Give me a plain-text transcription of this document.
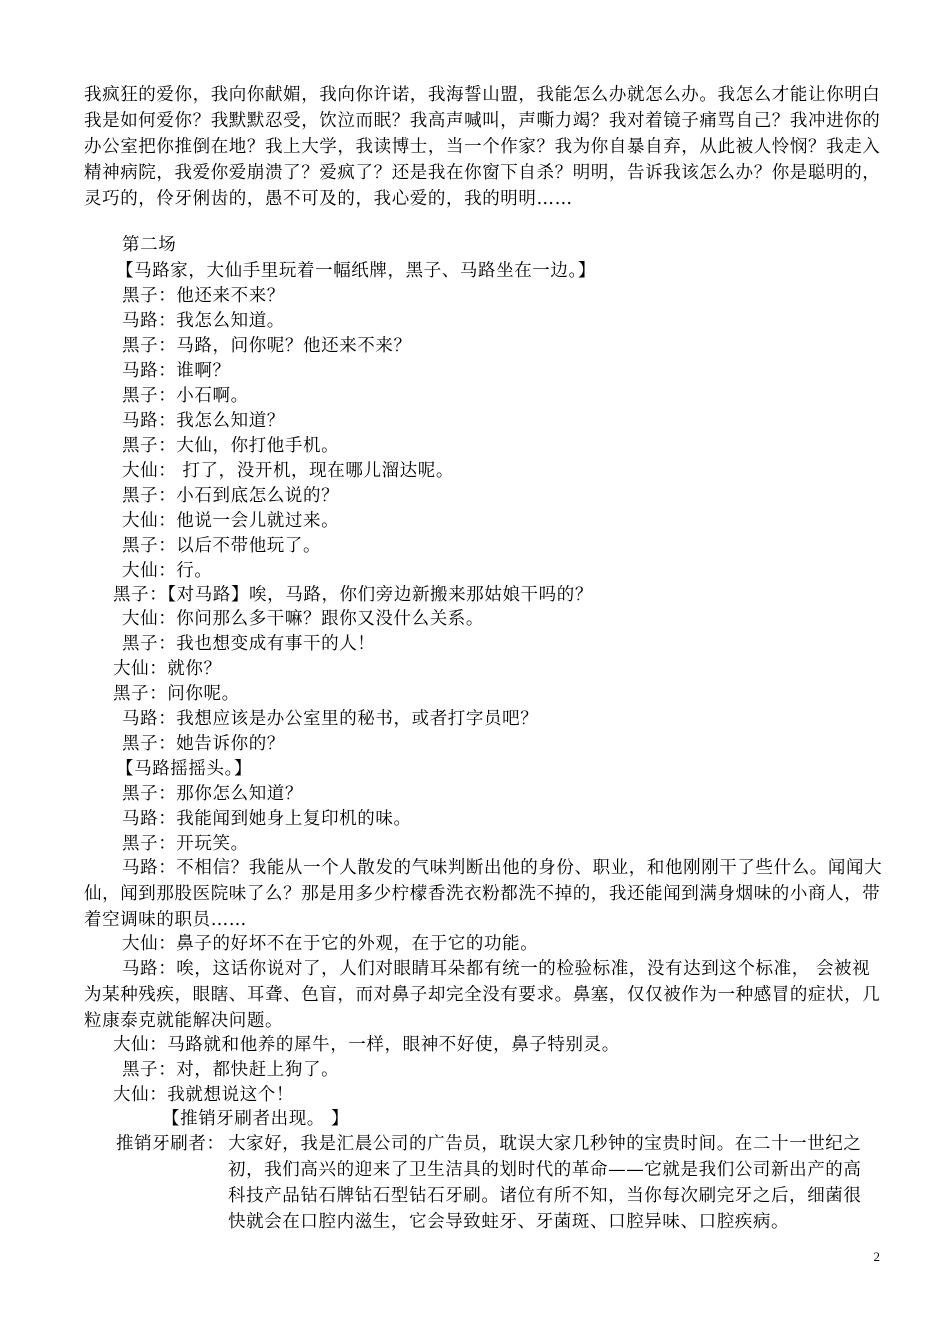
我疯狂的爱你，我向你献媚，我向你许诺，我海誓山盟，我能怎么办就怎么办。我怎么才能让你明白我是如何爱你？我默默忍受，饮泣而眠？我高声喊叫，声嘶力竭？我对着镜子痛骂自己？我冲进你的办公室把你推倒在地？我上大学，我读博士，当一个作家？我为你自暴自弃，从此被人怜悯？我走入精神病院，我爱你爱崩溃了？爱疯了？还是我在你窗下自杀？明明，告诉我该怎么办？你是聪明的，灵巧的，伶牙俐齿的，愚不可及的，我心爱的，我的明明……

第二场

【马路家，大仙手里玩着一幅纸牌，黑子、马路坐在一边。】

黑子：他还来不来？

马路：我怎么知道。

黑子：马路，问你呢？他还来不来？

马路：谁啊？

黑子：小石啊。

马路：我怎么知道？

黑子：大仙，你打他手机。

大仙： 打了，没开机，现在哪儿溜达呢。

黑子：小石到底怎么说的？

大仙：他说一会儿就过来。

黑子：以后不带他玩了。

大仙：行。

黑子：【对马路】唉，马路，你们旁边新搬来那姑娘干吗的？

大仙：你问那么多干嘛？跟你又没什么关系。

黑子：我也想变成有事干的人！

大仙：就你？

黑子：问你呢。

马路：我想应该是办公室里的秘书，或者打字员吧？

黑子：她告诉你的？

【马路摇摇头。】

黑子：那你怎么知道？

马路：我能闻到她身上复印机的味。

黑子：开玩笑。

马路：不相信？我能从一个人散发的气味判断出他的身份、职业，和他刚刚干了些什么。闻闻大仙，闻到那股医院味了么？那是用多少柠檬香洗衣粉都洗不掉的，我还能闻到满身烟味的小商人，带着空调味的职员……

大仙：鼻子的好坏不在于它的外观，在于它的功能。

马路：唉，这话你说对了，人们对眼睛耳朵都有统一的检验标准，没有达到这个标准， 会被视为某种残疾，眼瞎、耳聋、色盲，而对鼻子却完全没有要求。鼻塞，仅仅被作为一种感冒的症状，几粒康泰克就能解决问题。

大仙：马路就和他养的犀牛，一样，眼神不好使，鼻子特别灵。

黑子：对，都快赶上狗了。

大仙：我就想说这个！

【推销牙刷者出现。 】

推销牙刷者： 大家好，我是汇晨公司的广告员，耽误大家几秒钟的宝贵时间。在二十一世纪之初，我们高兴的迎来了卫生洁具的划时代的革命——它就是我们公司新出产的高科技产品钻石牌钻石型钻石牙刷。诸位有所不知，当你每次刷完牙之后，细菌很快就会在口腔内滋生，它会导致蛀牙、牙菌斑、口腔异味、口腔疾病。

2
